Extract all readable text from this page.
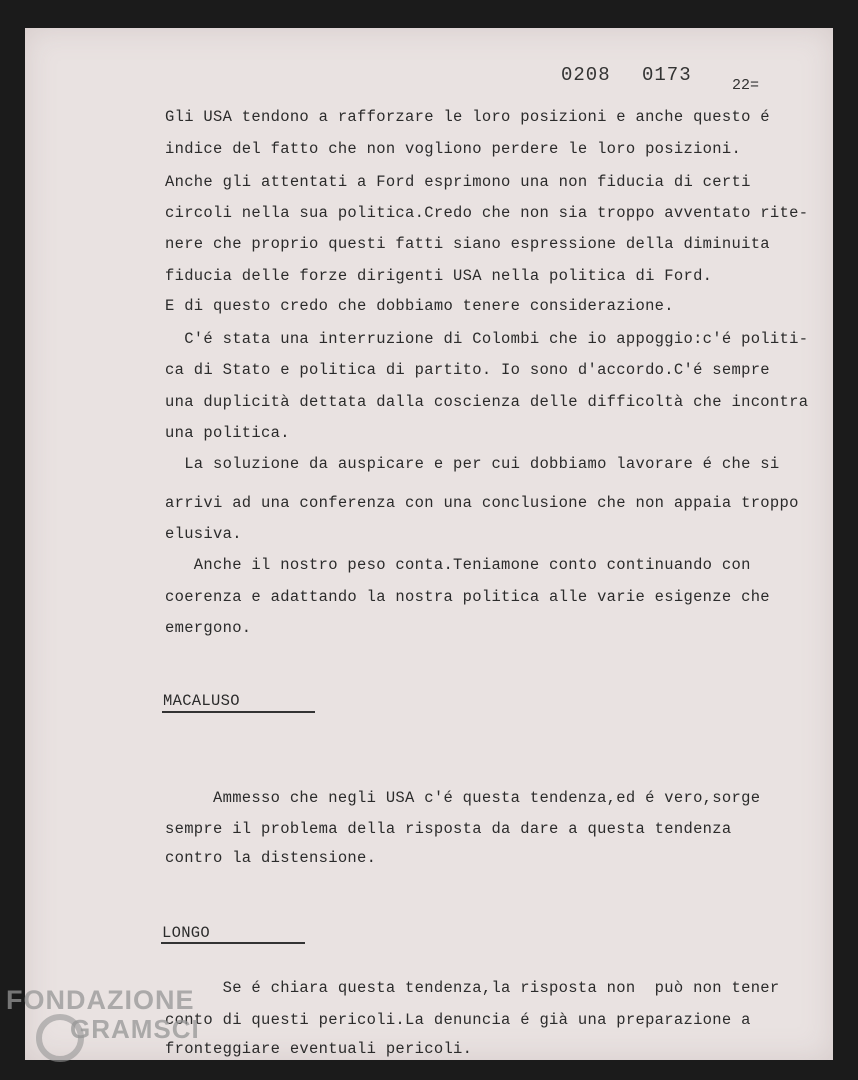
0208 0173	22=
Gli USA tendono a rafforzare le loro posizioni e anche questo é
indice del fatto che non vogliono perdere le loro posizioni.
Anche gli attentati a Ford esprimono una non fiducia di certi
circoli nella sua politica.Credo che non sia troppo avventato rite-
nere che proprio questi fatti siano espressione della diminuita
fiducia delle forze dirigenti USA nella politica di Ford.
E di questo credo che dobbiamo tenere considerazione.
C'é stata una interruzione di Colombi che io appoggio:c'é politi-
ca di Stato e politica di partito. Io sono d'accordo.C'é sempre
una duplicità dettata dalla coscienza delle difficoltà che incontra
una politica.
La soluzione da auspicare e per cui dobbiamo lavorare é che si
arrivi ad una conferenza con una conclusione che non appaia troppo
elusiva.
Anche il nostro peso conta.Teniamone conto continuando con
coerenza e adattando la nostra politica alle varie esigenze che
emergono.
MACALUSO
Ammesso che negli USA c'é questa tendenza,ed é vero,sorge
sempre il problema della risposta da dare a questa tendenza
contro la distensione.
LONGO
Se é chiara questa tendenza,la risposta non  può non tener
conto di questi pericoli.La denuncia é già una preparazione a
fronteggiare eventuali pericoli.
FONDAZIONE
GRAMSCI
